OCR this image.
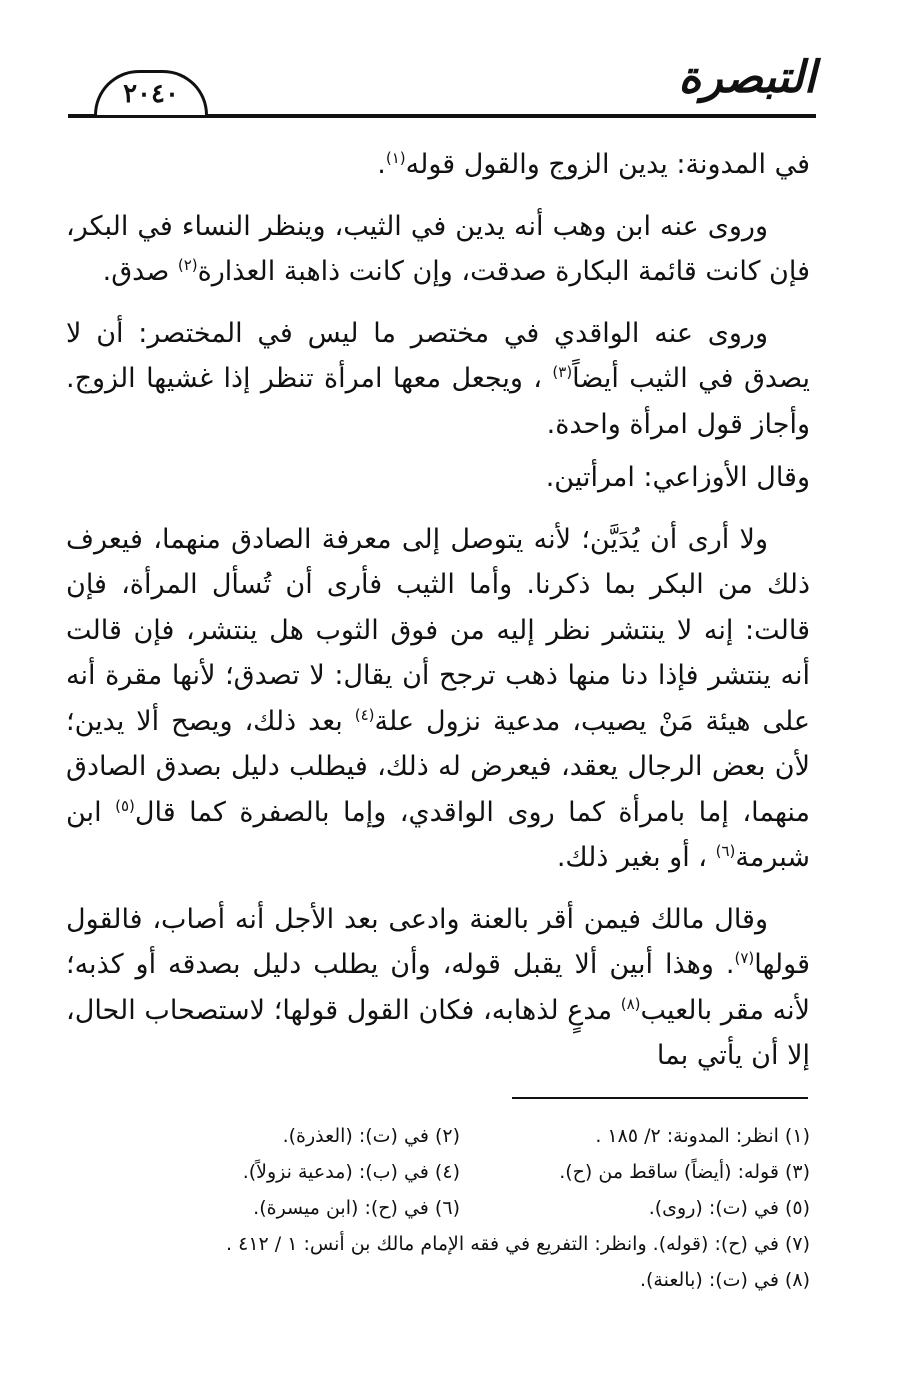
التبصرة
٢٠٤٠

في المدونة: يدين الزوج والقول قوله$^{(١)}$.

وروى عنه ابن وهب أنه يدين في الثيب، وينظر النساء في البكر، فإن كانت قائمة البكارة صدقت، وإن كانت ذاهبة العذارة$^{(٢)}$ صدق.

وروى عنه الواقدي في مختصر ما ليس في المختصر: أن لا يصدق في الثيب أيضاً$^{(٣)}$ ، ويجعل معها امرأة تنظر إذا غشيها الزوج. وأجاز قول امرأة واحدة.

وقال الأوزاعي: امرأتين.

ولا أرى أن يُدَيَّن؛ لأنه يتوصل إلى معرفة الصادق منهما، فيعرف ذلك من البكر بما ذكرنا. وأما الثيب فأرى أن تُسأل المرأة، فإن قالت: إنه لا ينتشر نظر إليه من فوق الثوب هل ينتشر، فإن قالت أنه ينتشر فإذا دنا منها ذهب ترجح أن يقال: لا تصدق؛ لأنها مقرة أنه على هيئة مَنْ يصيب، مدعية نزول علة$^{(٤)}$ بعد ذلك، ويصح ألا يدين؛ لأن بعض الرجال يعقد، فيعرض له ذلك، فيطلب دليل بصدق الصادق منهما، إما بامرأة كما روى الواقدي، وإما بالصفرة كما قال$^{(٥)}$ ابن شبرمة$^{(٦)}$ ، أو بغير ذلك.

وقال مالك فيمن أقر بالعنة وادعى بعد الأجل أنه أصاب، فالقول قولها$^{(٧)}$. وهذا أبين ألا يقبل قوله، وأن يطلب دليل بصدقه أو كذبه؛ لأنه مقر بالعيب$^{(٨)}$ مدعٍ لذهابه، فكان القول قولها؛ لاستصحاب الحال، إلا أن يأتي بما

(١) انظر: المدونة: ٢/ ١٨٥ .
(٢) في (ت): (العذرة).
(٣) قوله: (أيضاً) ساقط من (ح).
(٤) في (ب): (مدعية نزولاً).
(٥) في (ت): (روى).
(٦) في (ح): (ابن ميسرة).
(٧) في (ح): (قوله). وانظر: التفريع في فقه الإمام مالك بن أنس: ١ / ٤١٢ .
(٨) في (ت): (بالعنة).
